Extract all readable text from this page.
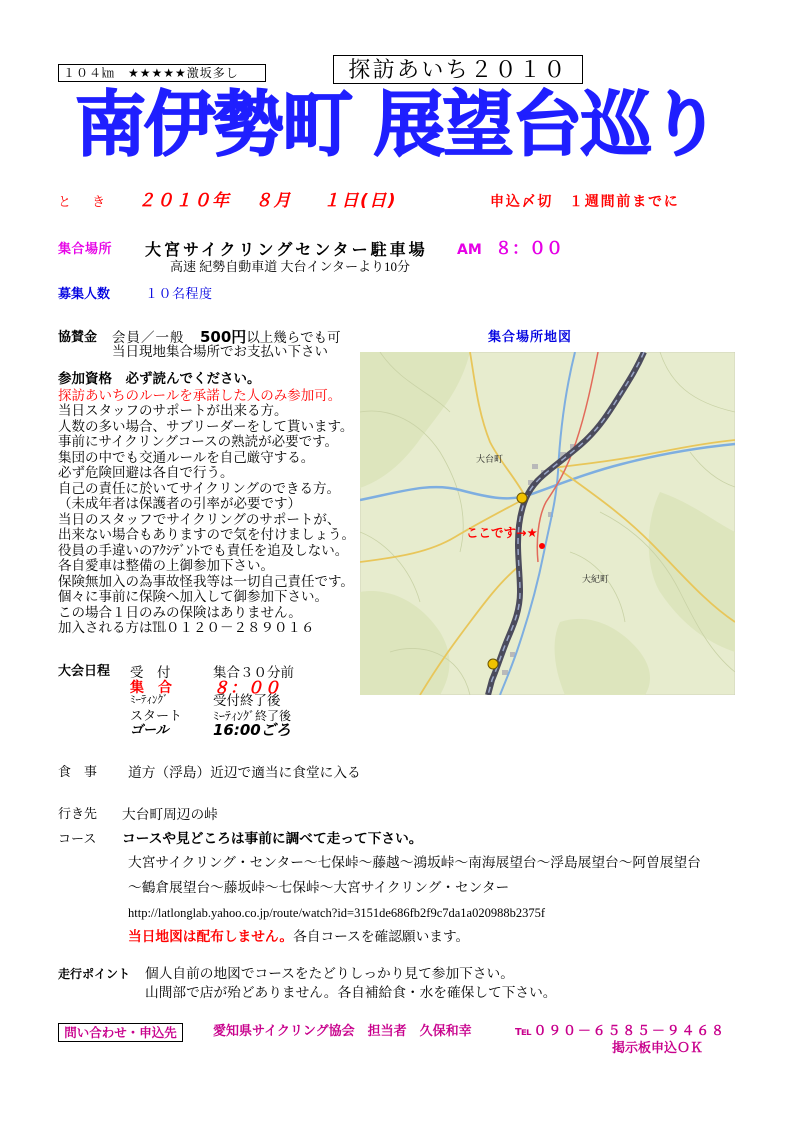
１０４㎞　★★★★★激坂多し	探訪あいち２０１０
南伊勢町 展望台巡り
と　き ２０１０年 ８月 １日(日)	申込〆切　１週間前までに
集合場所 大宮サイクリングセンター駐車場 AM ８：００
高速 紀勢自動車道 大台インターより10分
募集人数	１０名程度
協賛金 会員／一般 500円以上幾らでも可
当日現地集合場所でお支払い下さい
集合場所地図
参加資格　必ず読んでください。
探訪あいちのルールを承諾した人のみ参加可。
当日スタッフのサポートが出来る方。
人数の多い場合、サブリーダーをして貰います。
事前にサイクリングコースの熟読が必要です。
集団の中でも交通ルールを自己厳守する。
必ず危険回避は各自で行う。
自己の責任に於いてサイクリングのできる方。
（未成年者は保護者の引率が必要です）
当日のスタッフでサイクリングのサポートが、
出来ない場合もありますので気を付けましょう。
役員の手違いのｱｸｼﾃﾞﾝﾄでも責任を追及しない。
各自愛車は整備の上御参加下さい。
保険無加入の為事故怪我等は一切自己責任です。
個々に事前に保険へ加入して御参加下さい。
この場合１日のみの保険はありません。
加入される方は℡０１２０－２８９０１６
大台町
大紀町
ここです→★
大会日程 受　付	集合３０分前
集　合	８：００
ﾐｰﾃｨﾝｸﾞ	受付終了後
スタート	ﾐｰﾃｨﾝｸﾞ終了後
ゴール	16:00ごろ
食　事 道方（浮島）近辺で適当に食堂に入る
行き先 大台町周辺の峠
コース コースや見どころは事前に調べて走って下さい。
大宮サイクリング・センター～七保峠～藤越～鴻坂峠～南海展望台～浮島展望台～阿曽展望台
～鶴倉展望台～藤坂峠～七保峠～大宮サイクリング・センター
http://latlonglab.yahoo.co.jp/route/watch?id=3151de686fb2f9c7da1a020988b2375f
当日地図は配布しません。各自コースを確認願います。
走行ポイント 個人自前の地図でコースをたどりしっかり見て参加下さい。
山間部で店が殆どありません。各自補給食・水を確保して下さい。
問い合わせ・申込先	愛知県サイクリング協会　担当者　久保和幸	℡０９０－６５８５－９４６８
掲示板申込ＯＫ
